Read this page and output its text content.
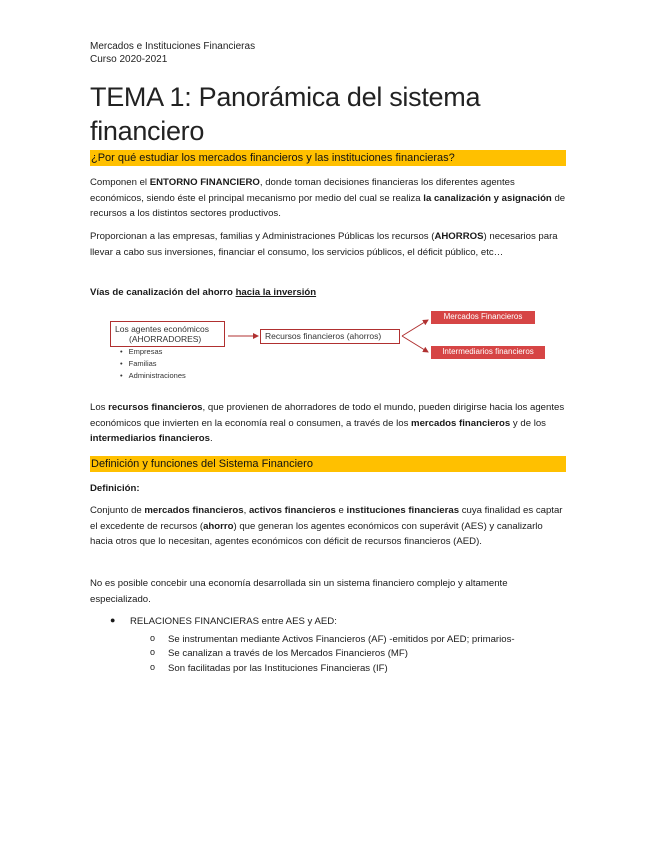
Mercados e Instituciones Financieras
Curso 2020-2021
TEMA 1: Panorámica del sistema financiero
¿Por qué estudiar los mercados financieros y las instituciones financieras?
Componen el ENTORNO FINANCIERO, donde toman decisiones financieras los diferentes agentes económicos, siendo éste el principal mecanismo por medio del cual se realiza la canalización y asignación de recursos a los distintos sectores productivos.
Proporcionan a las empresas, familias y Administraciones Públicas los recursos (AHORROS) necesarios para llevar a cabo sus inversiones, financiar el consumo, los servicios públicos, el déficit público, etc…
Vías de canalización del ahorro hacia la inversión
Los agentes económicos
(AHORRADORES)
• Empresas
• Familias
• Administraciones
Recursos financieros (ahorros)
Mercados Financieros
Intermediarios financieros
Los recursos financieros, que provienen de ahorradores de todo el mundo, pueden dirigirse hacia los agentes económicos que invierten en la economía real o consumen, a través de los mercados financieros y de los intermediarios financieros.
Definición y funciones del Sistema Financiero
Definición:
Conjunto de mercados financieros, activos financieros e instituciones financieras cuya finalidad es captar el excedente de recursos (ahorro) que generan los agentes económicos con superávit (AES) y canalizarlo hacia otros que lo necesitan, agentes económicos con déficit de recursos financieros (AED).
No es posible concebir una economía desarrollada sin un sistema financiero complejo y altamente especializado.
● RELACIONES FINANCIERAS entre AES y AED:
o Se instrumentan mediante Activos Financieros (AF) -emitidos por AED; primarios-
o Se canalizan a través de los Mercados Financieros (MF)
o Son facilitadas por las Instituciones Financieras (IF)
